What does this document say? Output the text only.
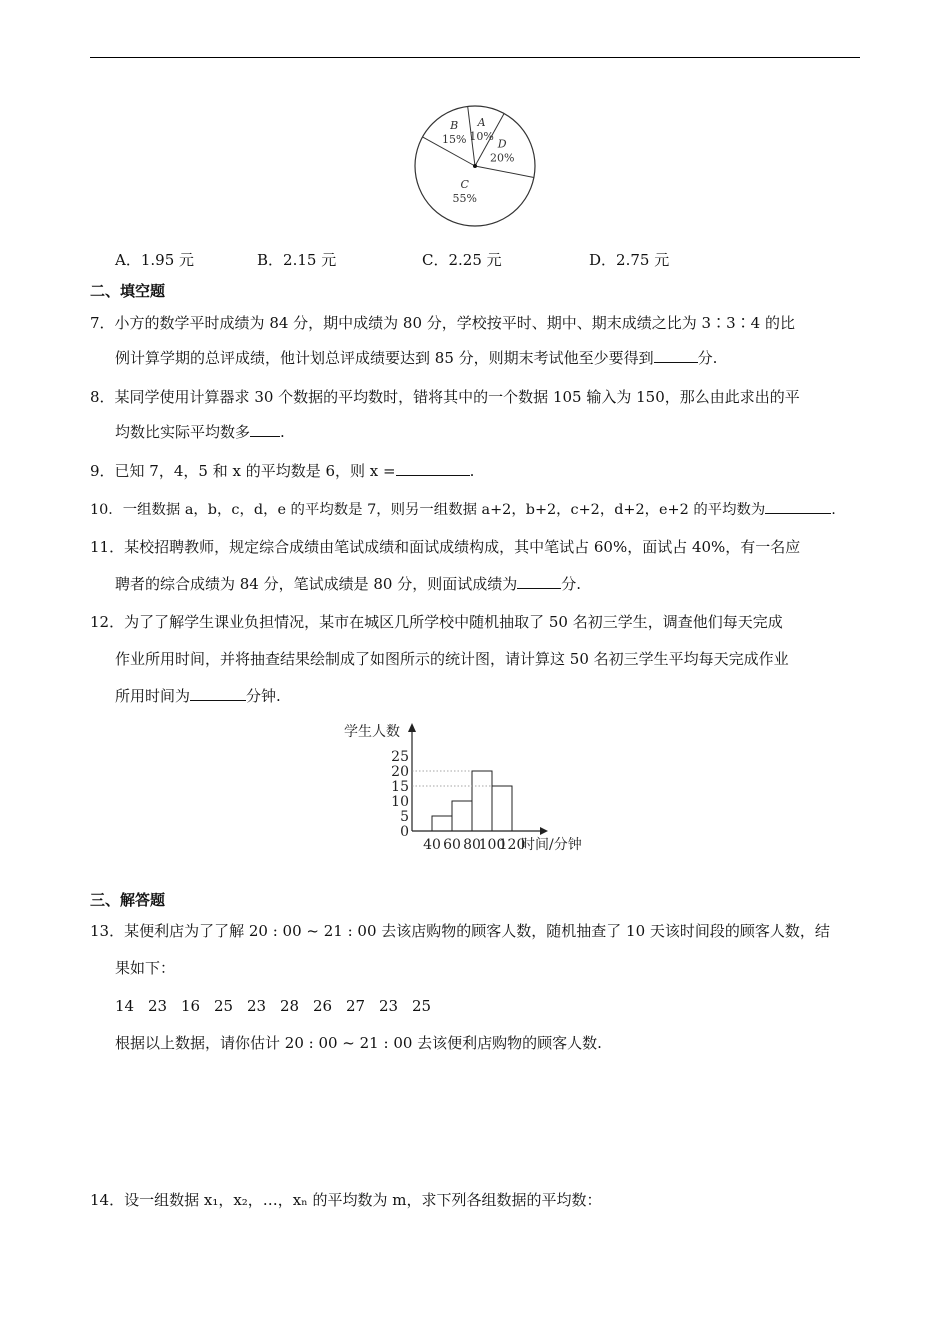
A
10%
D
20%
C
55%
B
15%
A．1.95 元	B．2.15 元	C．2.25 元	D．2.75 元
二、填空题
7．小方的数学平时成绩为 84 分，期中成绩为 80 分，学校按平时、期中、期末成绩之比为 3∶3∶4 的比
例计算学期的总评成绩，他计划总评成绩要达到 85 分，则期末考试他至少要得到	分.
8．某同学使用计算器求 30 个数据的平均数时，错将其中的一个数据 105 输入为 150，那么由此求出的平
均数比实际平均数多 .
9．已知 7，4，5 和 x 的平均数是 6，则 x =	.
10．一组数据 a，b，c，d，e 的平均数是 7，则另一组数据 a+2，b+2，c+2，d+2，e+2 的平均数为	.
11．某校招聘教师，规定综合成绩由笔试成绩和面试成绩构成，其中笔试占 60%，面试占 40%，有一名应
聘者的综合成绩为 84 分，笔试成绩是 80 分，则面试成绩为	分.
12．为了了解学生课业负担情况，某市在城区几所学校中随机抽取了 50 名初三学生，调查他们每天完成
作业所用时间，并将抽查结果绘制成了如图所示的统计图，请计算这 50 名初三学生平均每天完成作业
所用时间为	分钟.
学生人数
0
5
10
15
20
25
40 60 80
100
120
时间/分钟
三、解答题
13．某便利店为了了解 20 : 00 ~ 21 : 00 去该店购物的顾客人数，随机抽查了 10 天该时间段的顾客人数，结
果如下：
14 23 16 25 23 28 26 27 23 25
根据以上数据，请你估计 20 : 00 ~ 21 : 00 去该便利店购物的顾客人数.
14．设一组数据 x₁，x₂，…，xₙ 的平均数为 m，求下列各组数据的平均数：
